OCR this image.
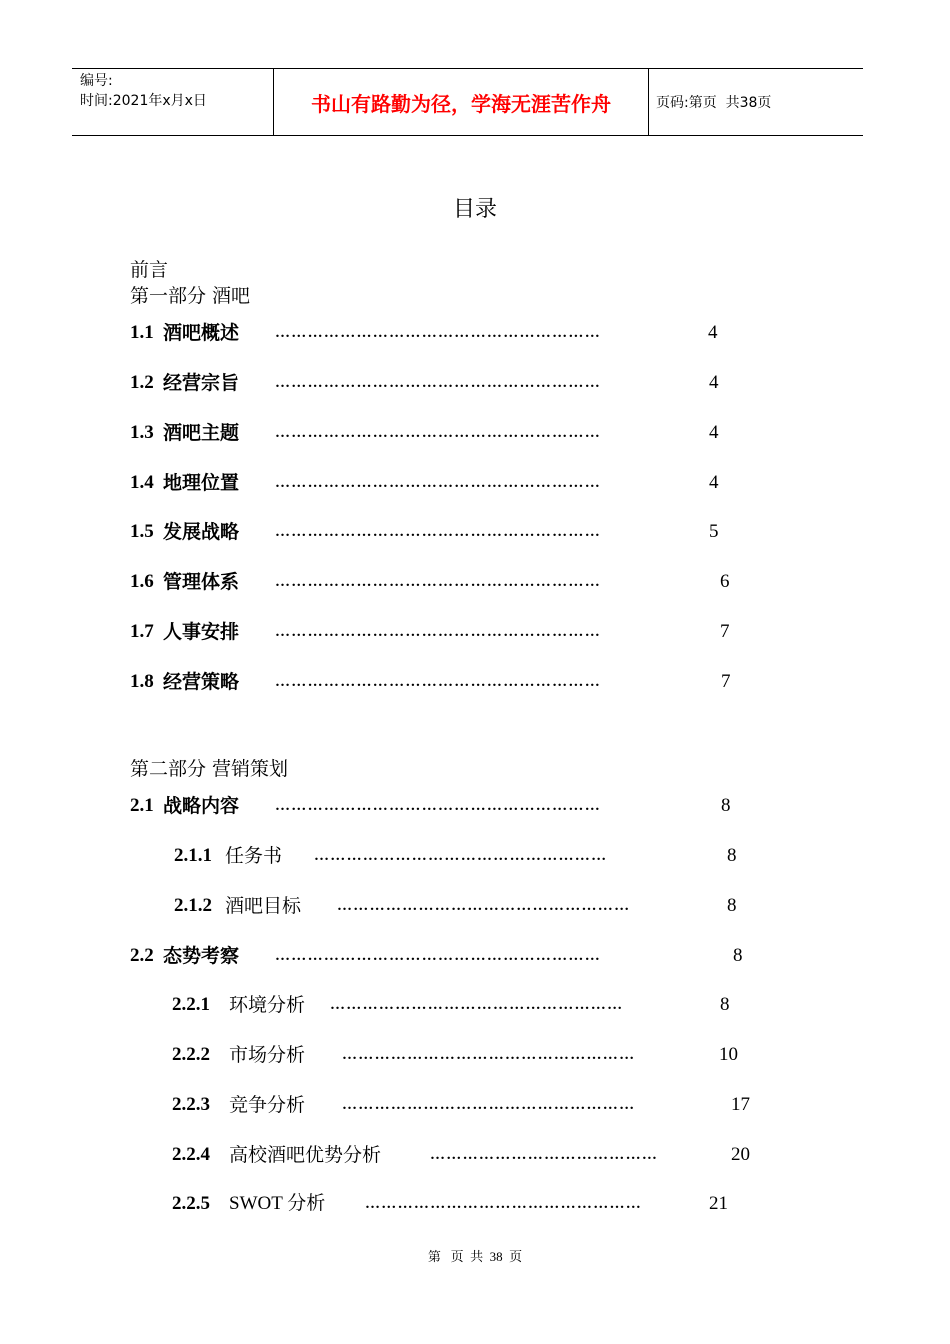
编号:
时间:2021年x月x日	书山有路勤为径，学海无涯苦作舟	页码:第页  共38页
目录
前言
第一部分 酒吧
1.1 酒吧概述 ……………………………………………………	4
1.2 经营宗旨 ……………………………………………………	4
1.3 酒吧主题 ……………………………………………………	4
1.4 地理位置 ……………………………………………………	4
1.5 发展战略 ……………………………………………………	5
1.6 管理体系 ……………………………………………………	6
1.7 人事安排 ……………………………………………………	7
1.8 经营策略 ……………………………………………………	7
第二部分 营销策划
2.1 战略内容 ……………………………………………………	8
2.1.1 任务书 ………………………………………………	8
2.1.2 酒吧目标 ………………………………………………	8
2.2 态势考察 ……………………………………………………	8
2.2.1 环境分析 ………………………………………………	8
2.2.2 市场分析 ………………………………………………	10
2.2.3 竞争分析 ………………………………………………	17
2.2.4 高校酒吧优势分析	……………………………………	20
2.2.5 SWOT 分析	……………………………………………	21
第   页  共  38  页
